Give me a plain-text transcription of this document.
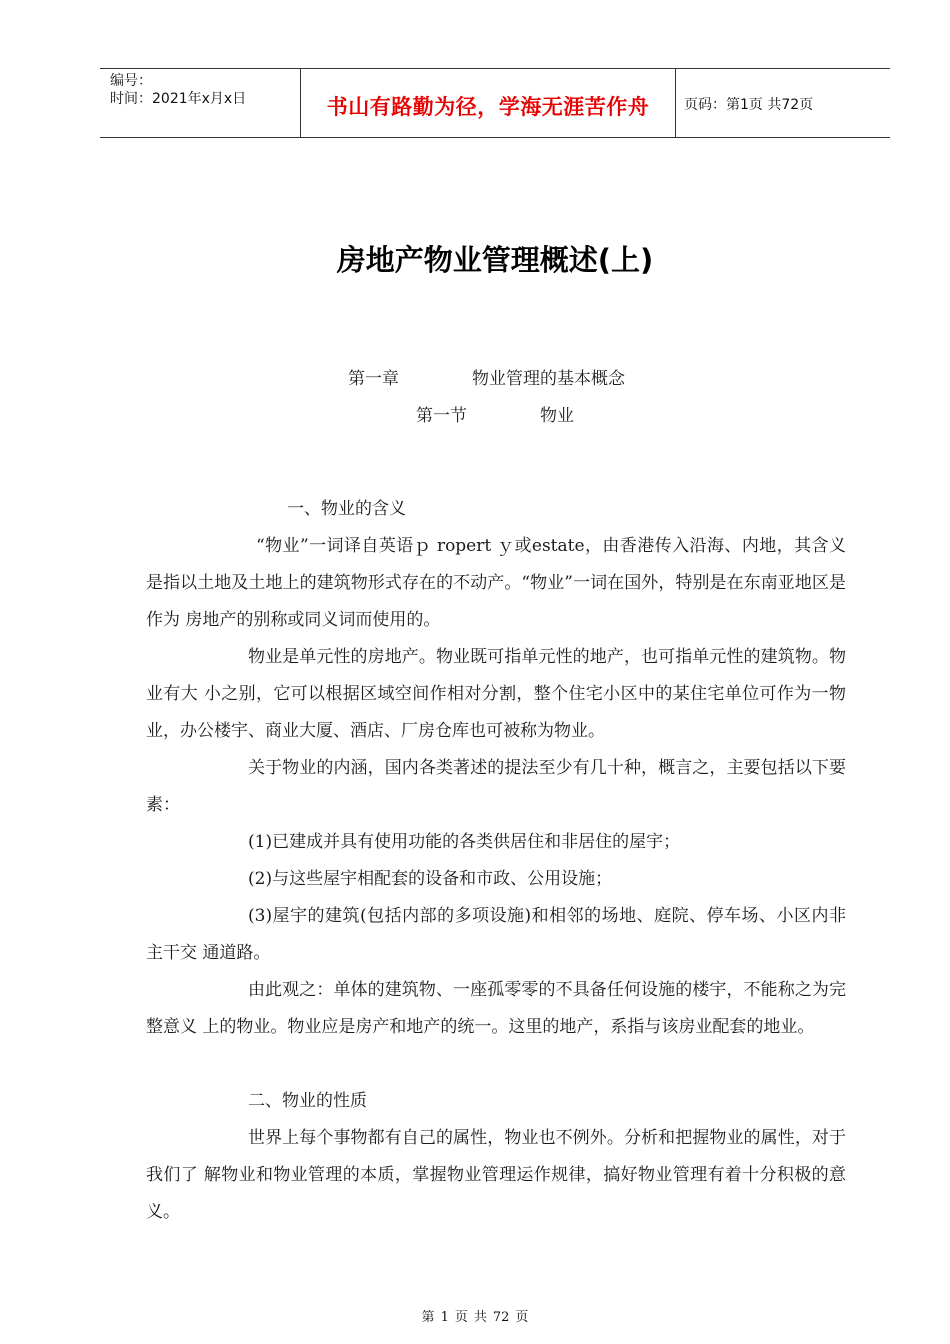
编号：
时间：2021年x月x日	书山有路勤为径，学海无涯苦作舟	页码：第1页 共72页
房地产物业管理概述(上)
第一章	物业管理的基本概念
第一节	物业
一、物业的含义
“物业”一词译自英语ｐ ropert ｙ或estate，由香港传入沿海、内地，其含义是指以土地及土地上的建筑物形式存在的不动产。“物业”一词在国外，特别是在东南亚地区是作为 房地产的别称或同义词而使用的。
物业是单元性的房地产。物业既可指单元性的地产，也可指单元性的建筑物。物业有大 小之别，它可以根据区域空间作相对分割，整个住宅小区中的某住宅单位可作为一物业，办公楼宇、商业大厦、酒店、厂房仓库也可被称为物业。
关于物业的内涵，国内各类著述的提法至少有几十种，概言之，主要包括以下要素：
(1)已建成并具有使用功能的各类供居住和非居住的屋宇；
(2)与这些屋宇相配套的设备和市政、公用设施；
(3)屋宇的建筑(包括内部的多项设施)和相邻的场地、庭院、停车场、小区内非主干交 通道路。
由此观之：单体的建筑物、一座孤零零的不具备任何设施的楼宇，不能称之为完整意义 上的物业。物业应是房产和地产的统一。这里的地产，系指与该房业配套的地业。
二、物业的性质
世界上每个事物都有自己的属性，物业也不例外。分析和把握物业的属性，对于我们了 解物业和物业管理的本质，掌握物业管理运作规律，搞好物业管理有着十分积极的意义。
第 1 页 共 72 页
